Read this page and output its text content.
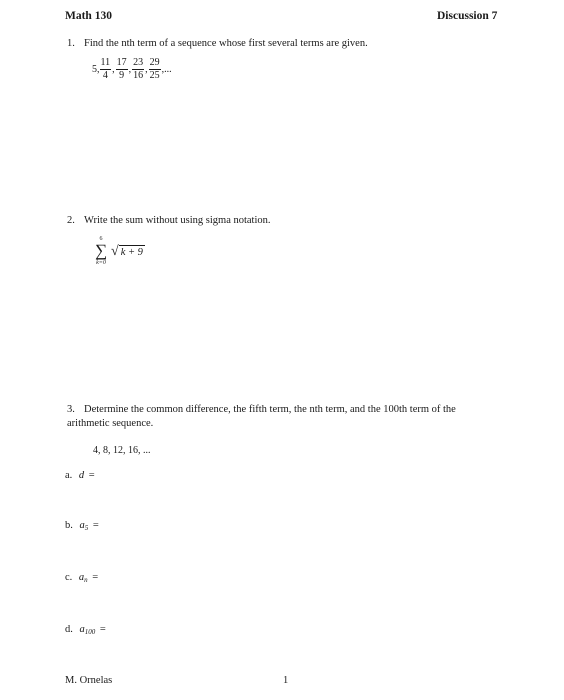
Math 130	Discussion 7
1. Find the nth term of a sequence whose first several terms are given.
5, $\frac{11}{4}$ , $\frac{17}{9}$ , $\frac{23}{16}$ , $\frac{29}{25}$ ,...
2. Write the sum without using sigma notation.
6
∑
k=0
√ k + 9
3. Determine the common difference, the fifth term, the nth term, and the 100th term of the
arithmetic sequence.
4, 8, 12, 16, ...
a. d =
b. $a_5$ =
c. $a_n$ =
d. $a_{100}$ =
M. Ornelas	1
